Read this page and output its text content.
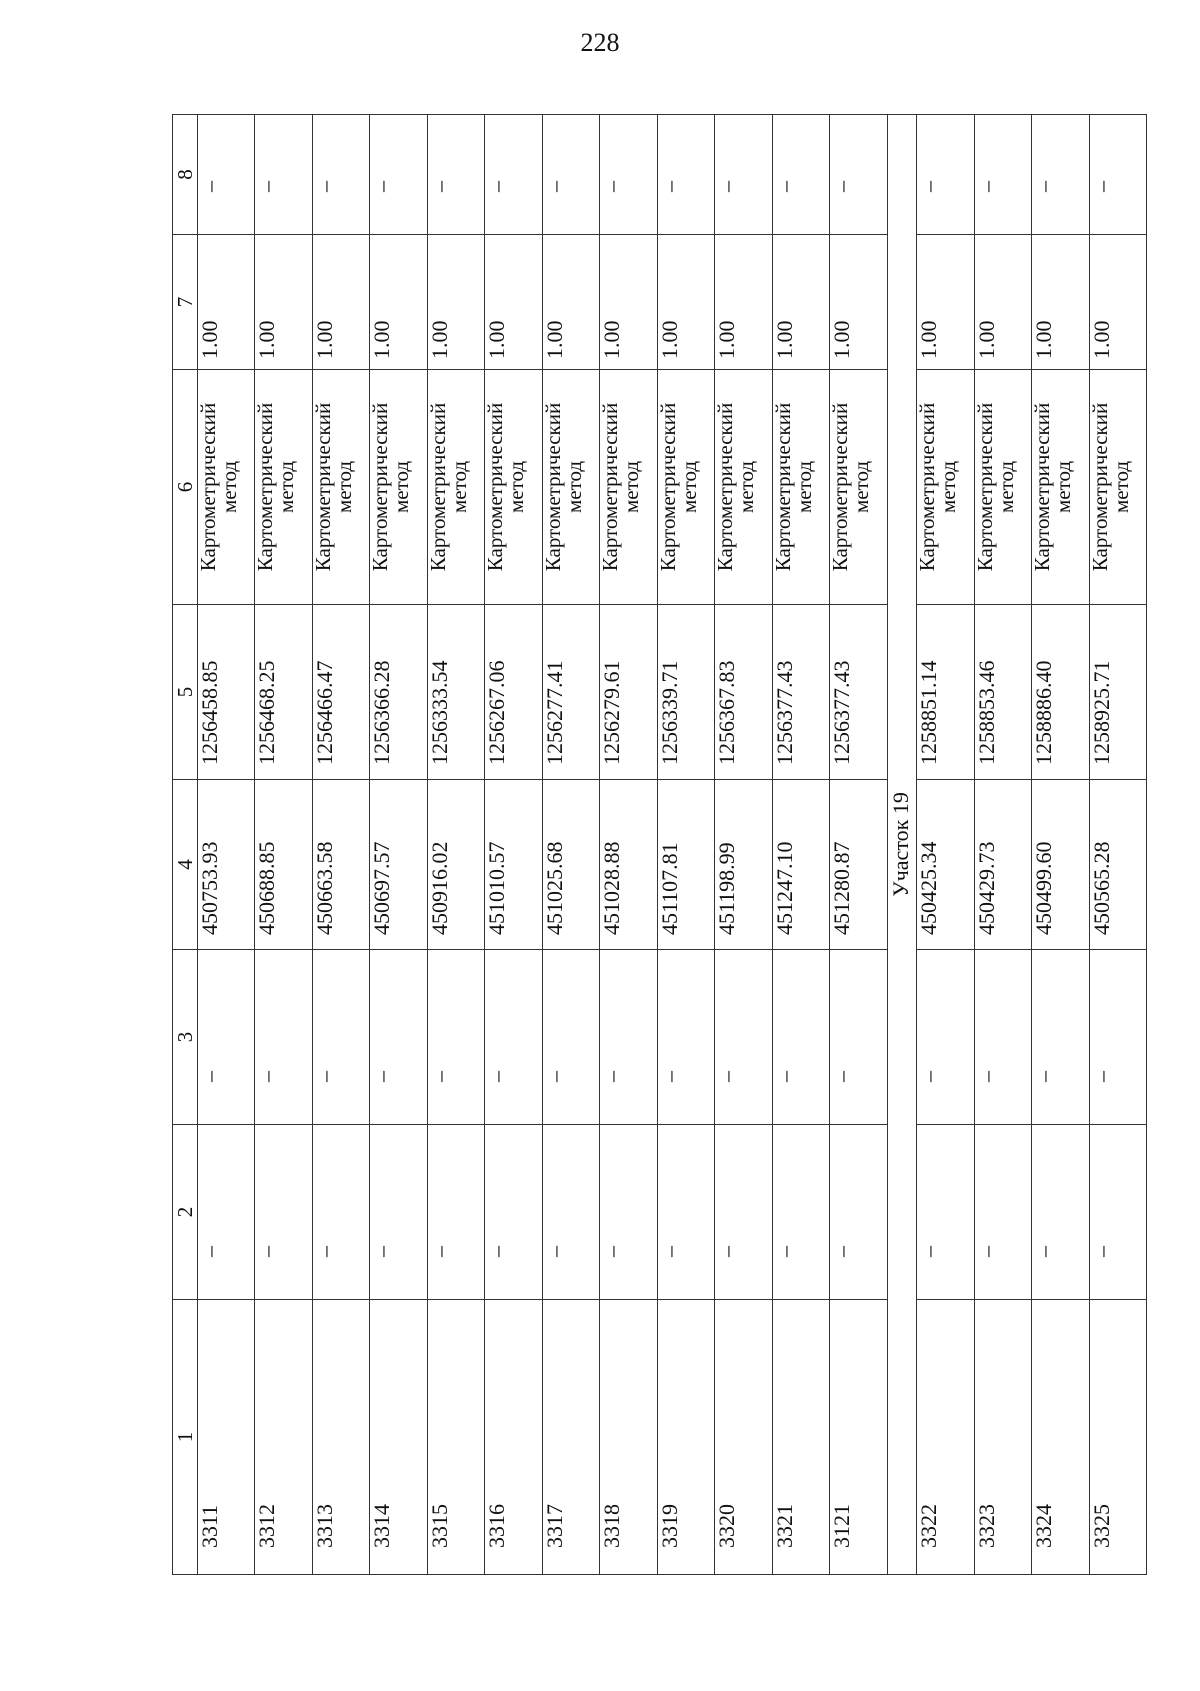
228
1	2	3	4	5	6	7	8
3311	–	–	450753.93	1256458.85	Картометрический
метод	1.00	–
3312	–	–	450688.85	1256468.25	Картометрический
метод	1.00	–
3313	–	–	450663.58	1256466.47	Картометрический
метод	1.00	–
3314	–	–	450697.57	1256366.28	Картометрический
метод	1.00	–
3315	–	–	450916.02	1256333.54	Картометрический
метод	1.00	–
3316	–	–	451010.57	1256267.06	Картометрический
метод	1.00	–
3317	–	–	451025.68	1256277.41	Картометрический
метод	1.00	–
3318	–	–	451028.88	1256279.61	Картометрический
метод	1.00	–
3319	–	–	451107.81	1256339.71	Картометрический
метод	1.00	–
3320	–	–	451198.99	1256367.83	Картометрический
метод	1.00	–
3321	–	–	451247.10	1256377.43	Картометрический
метод	1.00	–
3121	–	–	451280.87	1256377.43	Картометрический
метод	1.00	–
Участок 19							
3322	–	–	450425.34	1258851.14	Картометрический
метод	1.00	–
3323	–	–	450429.73	1258853.46	Картометрический
метод	1.00	–
3324	–	–	450499.60	1258886.40	Картометрический
метод	1.00	–
3325	–	–	450565.28	1258925.71	Картометрический
метод	1.00	–
